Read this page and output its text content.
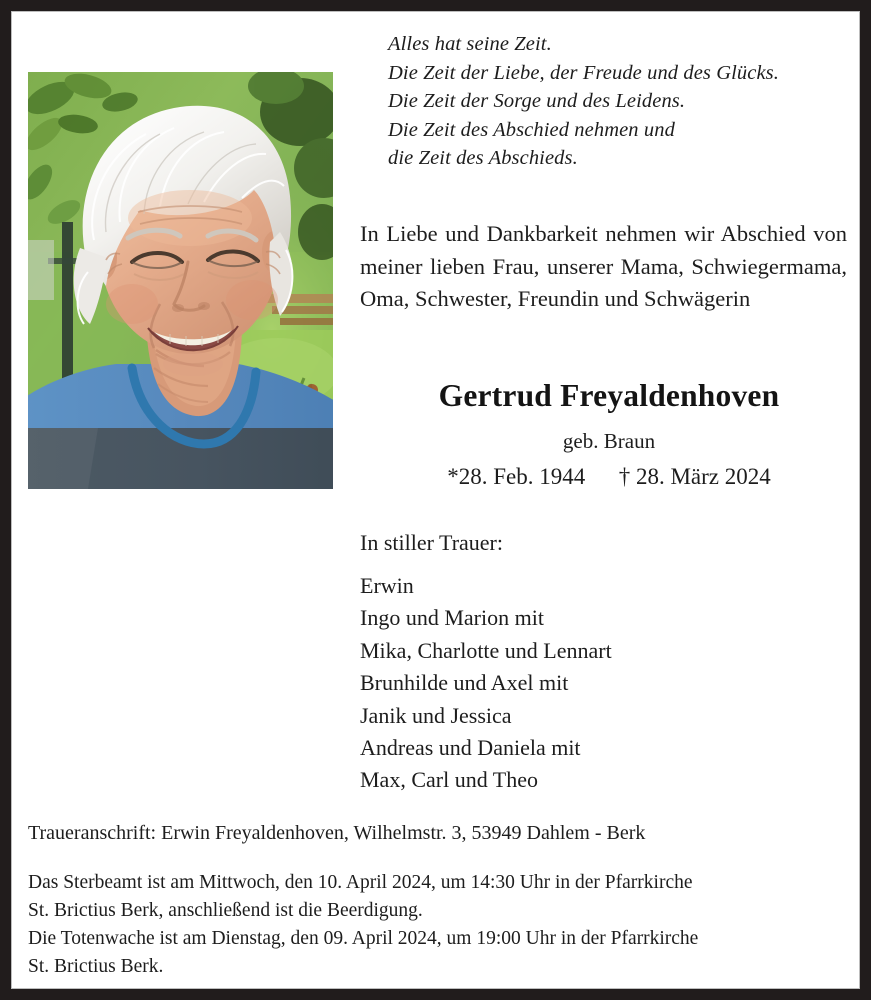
Alles hat seine Zeit.
Die Zeit der Liebe, der Freude und des Glücks.
Die Zeit der Sorge und des Leidens.
Die Zeit des Abschied nehmen und
die Zeit des Abschieds.
In Liebe und Dankbarkeit nehmen wir Abschied von meiner lieben Frau, unserer Mama, Schwiegermama, Oma, Schwester, Freundin und Schwägerin
Gertrud Freyaldenhoven
geb. Braun
*28. Feb. 1944 † 28. März 2024
In stiller Trauer:
Erwin
Ingo und Marion mit
Mika, Charlotte und Lennart
Brunhilde und Axel mit
Janik und Jessica
Andreas und Daniela mit
Max, Carl und Theo
Traueranschrift: Erwin Freyaldenhoven, Wilhelmstr. 3, 53949 Dahlem - Berk
Das Sterbeamt ist am Mittwoch, den 10. April 2024, um 14:30 Uhr in der Pfarrkirche
St. Brictius Berk, anschließend ist die Beerdigung.
Die Totenwache ist am Dienstag, den 09. April 2024, um 19:00 Uhr in der Pfarrkirche
St. Brictius Berk.
